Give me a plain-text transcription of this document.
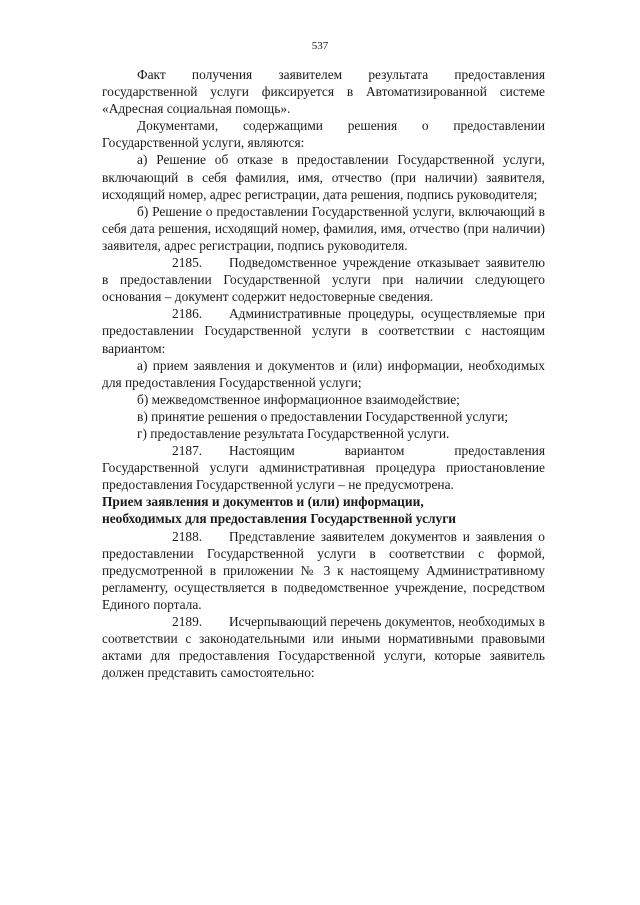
537

Факт получения заявителем результата предоставления государственной услуги фиксируется в Автоматизированной системе «Адресная социальная помощь».

Документами, содержащими решения о предоставлении Государственной услуги, являются:

а) Решение об отказе в предоставлении Государственной услуги, включающий в себя фамилия, имя, отчество (при наличии) заявителя, исходящий номер, адрес регистрации, дата решения, подпись руководителя;

б) Решение о предоставлении Государственной услуги, включающий в себя дата решения, исходящий номер, фамилия, имя, отчество (при наличии) заявителя, адрес регистрации, подпись руководителя.

2185. Подведомственное учреждение отказывает заявителю в предоставлении Государственной услуги при наличии следующего основания – документ содержит недостоверные сведения.

2186. Административные процедуры, осуществляемые при предоставлении Государственной услуги в соответствии с настоящим вариантом:

а) прием заявления и документов и (или) информации, необходимых для предоставления Государственной услуги;

б) межведомственное информационное взаимодействие;

в) принятие решения о предоставлении Государственной услуги;

г) предоставление результата Государственной услуги.

2187. Настоящим вариантом предоставления Государственной услуги административная процедура приостановление предоставления Государственной услуги – не предусмотрена.

Прием заявления и документов и (или) информации,
необходимых для предоставления Государственной услуги

2188. Представление заявителем документов и заявления о предоставлении Государственной услуги в соответствии с формой, предусмотренной в приложении № 3 к настоящему Административному регламенту, осуществляется в подведомственное учреждение, посредством Единого портала.

2189. Исчерпывающий перечень документов, необходимых в соответствии с законодательными или иными нормативными правовыми актами для предоставления Государственной услуги, которые заявитель должен представить самостоятельно:
